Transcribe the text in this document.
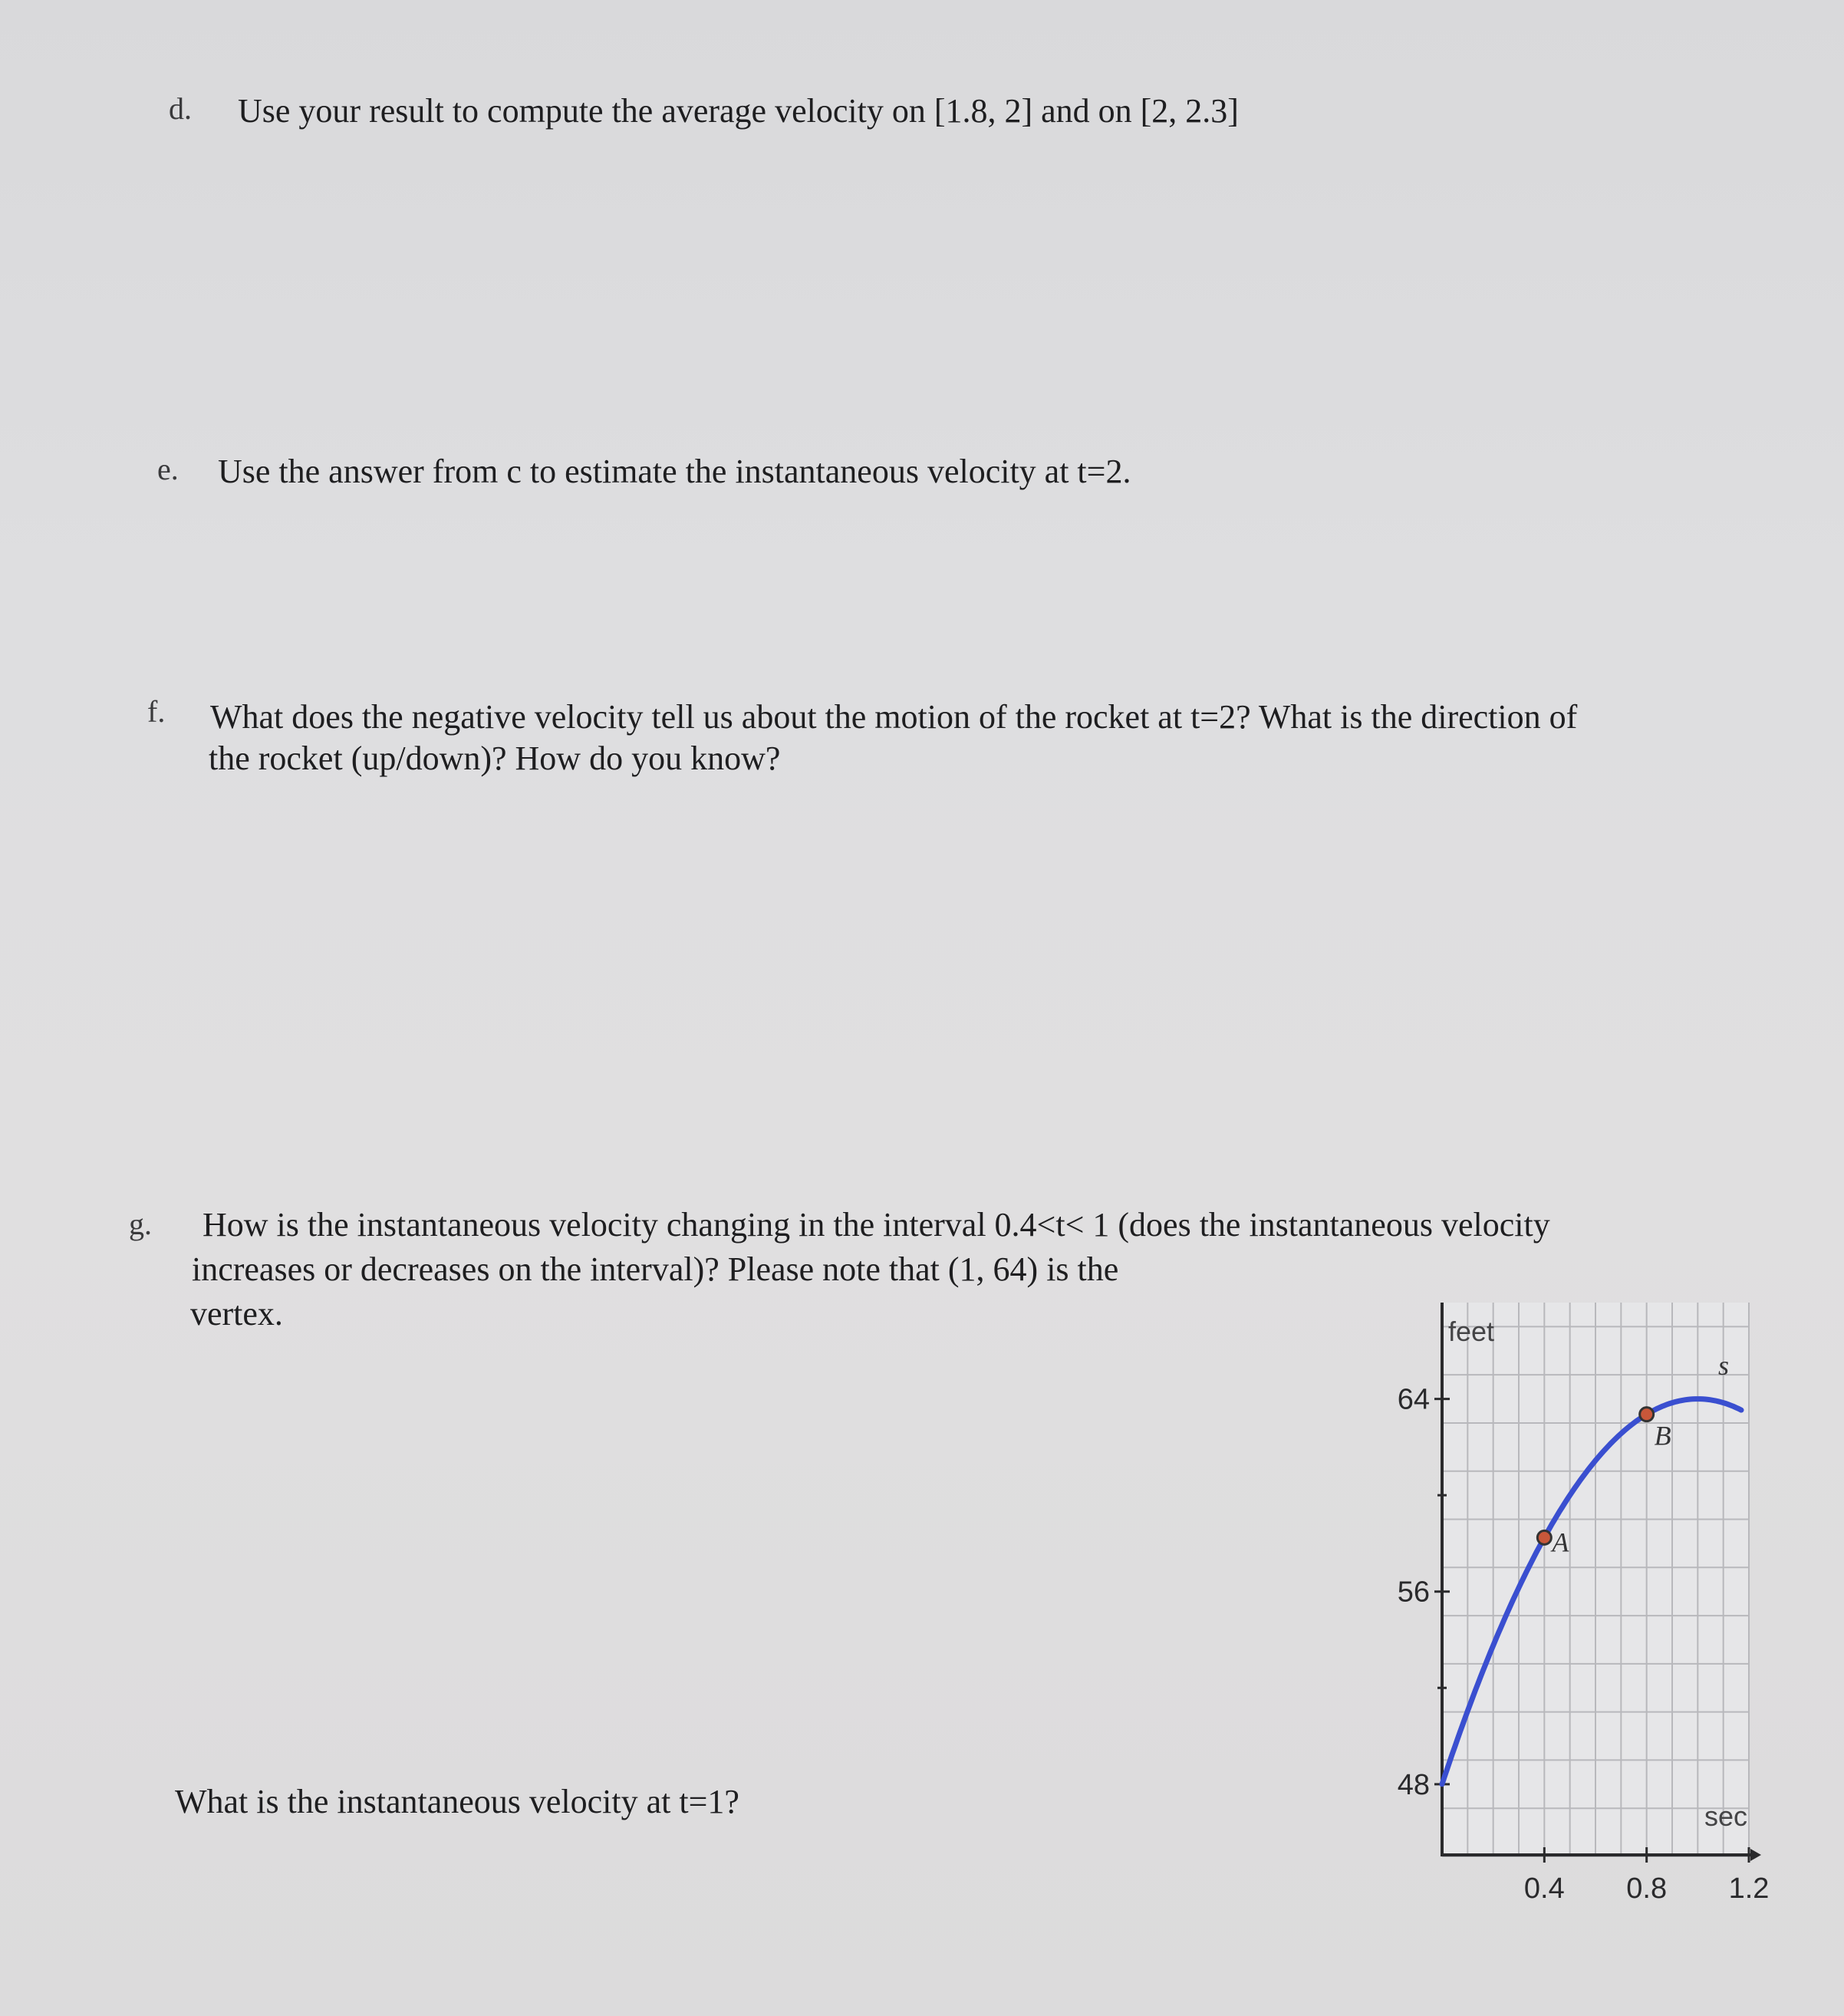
d. Use your result to compute the average velocity on [1.8, 2] and on [2, 2.3]
e. Use the answer from c to estimate the instantaneous velocity at t=2.
f. What does the negative velocity tell us about the motion of the rocket at t=2? What is the direction of
the rocket (up/down)? How do you know?
g. How is the instantaneous velocity changing in the interval 0.4<t< 1 (does the instantaneous velocity
increases or decreases on the interval)? Please note that (1, 64) is the
vertex.
What is the instantaneous velocity at t=1?	48
56
64
0.4 0.8 1.2
A
B
feet
sec
s
